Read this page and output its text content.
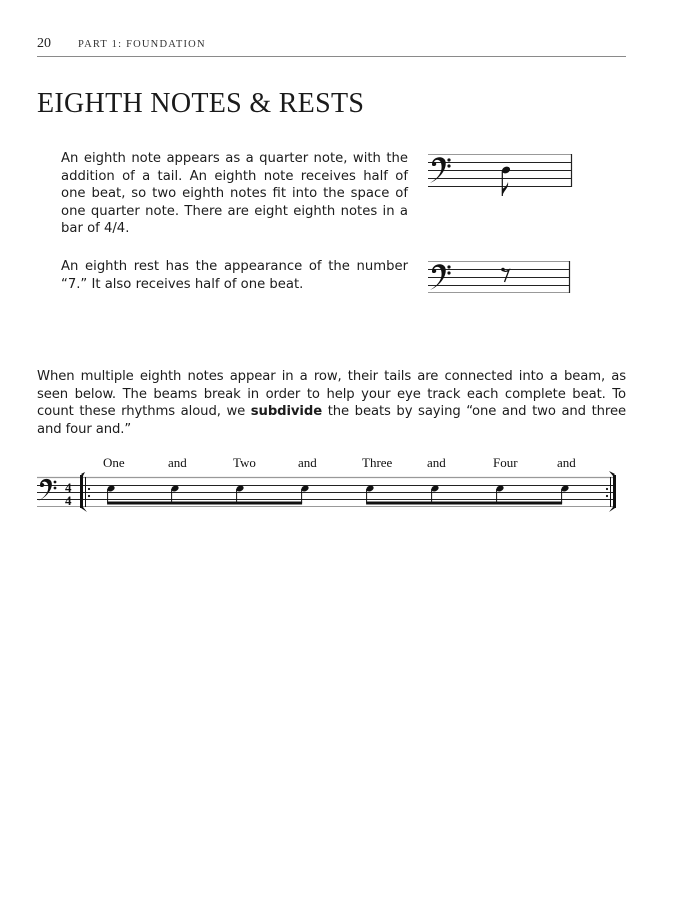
20	PART 1: FOUNDATION
EIGHTH NOTES & RESTS

An eighth note appears as a quarter note, with the addition of a tail. An eighth note receives half of one beat, so two eighth notes fit into the space of one quarter note. There are eight eighth notes in a bar of 4/4.

An eighth rest has the appearance of the number “7.” It also receives half of one beat.

When multiple eighth notes appear in a row, their tails are connected into a beam, as seen below. The beams break in order to help your eye track each complete beat. To count these rhythms aloud, we subdivide the beats by saying “one and two and three and four and.”

One	and	Two	and	Three	and	Four	and
4
4
